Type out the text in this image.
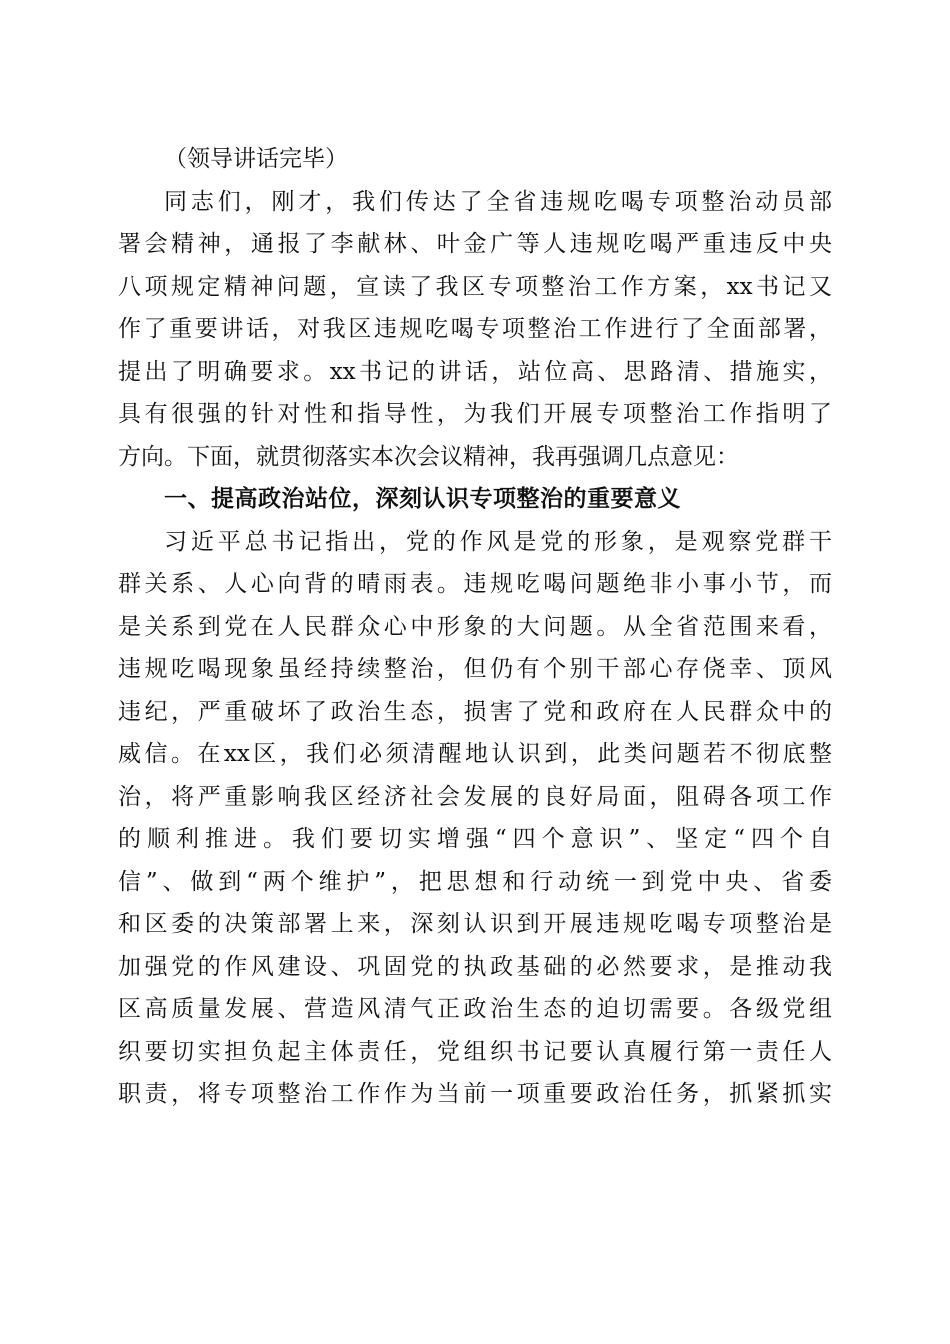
（领导讲话完毕）
同志们，刚才，我们传达了全省违规吃喝专项整治动员部
署会精神，通报了李献林、叶金广等人违规吃喝严重违反中央
八项规定精神问题，宣读了我区专项整治工作方案，xx书记又
作了重要讲话，对我区违规吃喝专项整治工作进行了全面部署，
提出了明确要求。xx书记的讲话，站位高、思路清、措施实，
具有很强的针对性和指导性，为我们开展专项整治工作指明了
方向。下面，就贯彻落实本次会议精神，我再强调几点意见：
一、提高政治站位，深刻认识专项整治的重要意义
习近平总书记指出，党的作风是党的形象，是观察党群干
群关系、人心向背的晴雨表。违规吃喝问题绝非小事小节，而
是关系到党在人民群众心中形象的大问题。从全省范围来看，
违规吃喝现象虽经持续整治，但仍有个别干部心存侥幸、顶风
违纪，严重破坏了政治生态，损害了党和政府在人民群众中的
威信。在xx区，我们必须清醒地认识到，此类问题若不彻底整
治，将严重影响我区经济社会发展的良好局面，阻碍各项工作
的顺利推进。我们要切实增强“四个意识”、坚定“四个自
信”、做到“两个维护”，把思想和行动统一到党中央、省委
和区委的决策部署上来，深刻认识到开展违规吃喝专项整治是
加强党的作风建设、巩固党的执政基础的必然要求，是推动我
区高质量发展、营造风清气正政治生态的迫切需要。各级党组
织要切实担负起主体责任，党组织书记要认真履行第一责任人
职责，将专项整治工作作为当前一项重要政治任务，抓紧抓实
